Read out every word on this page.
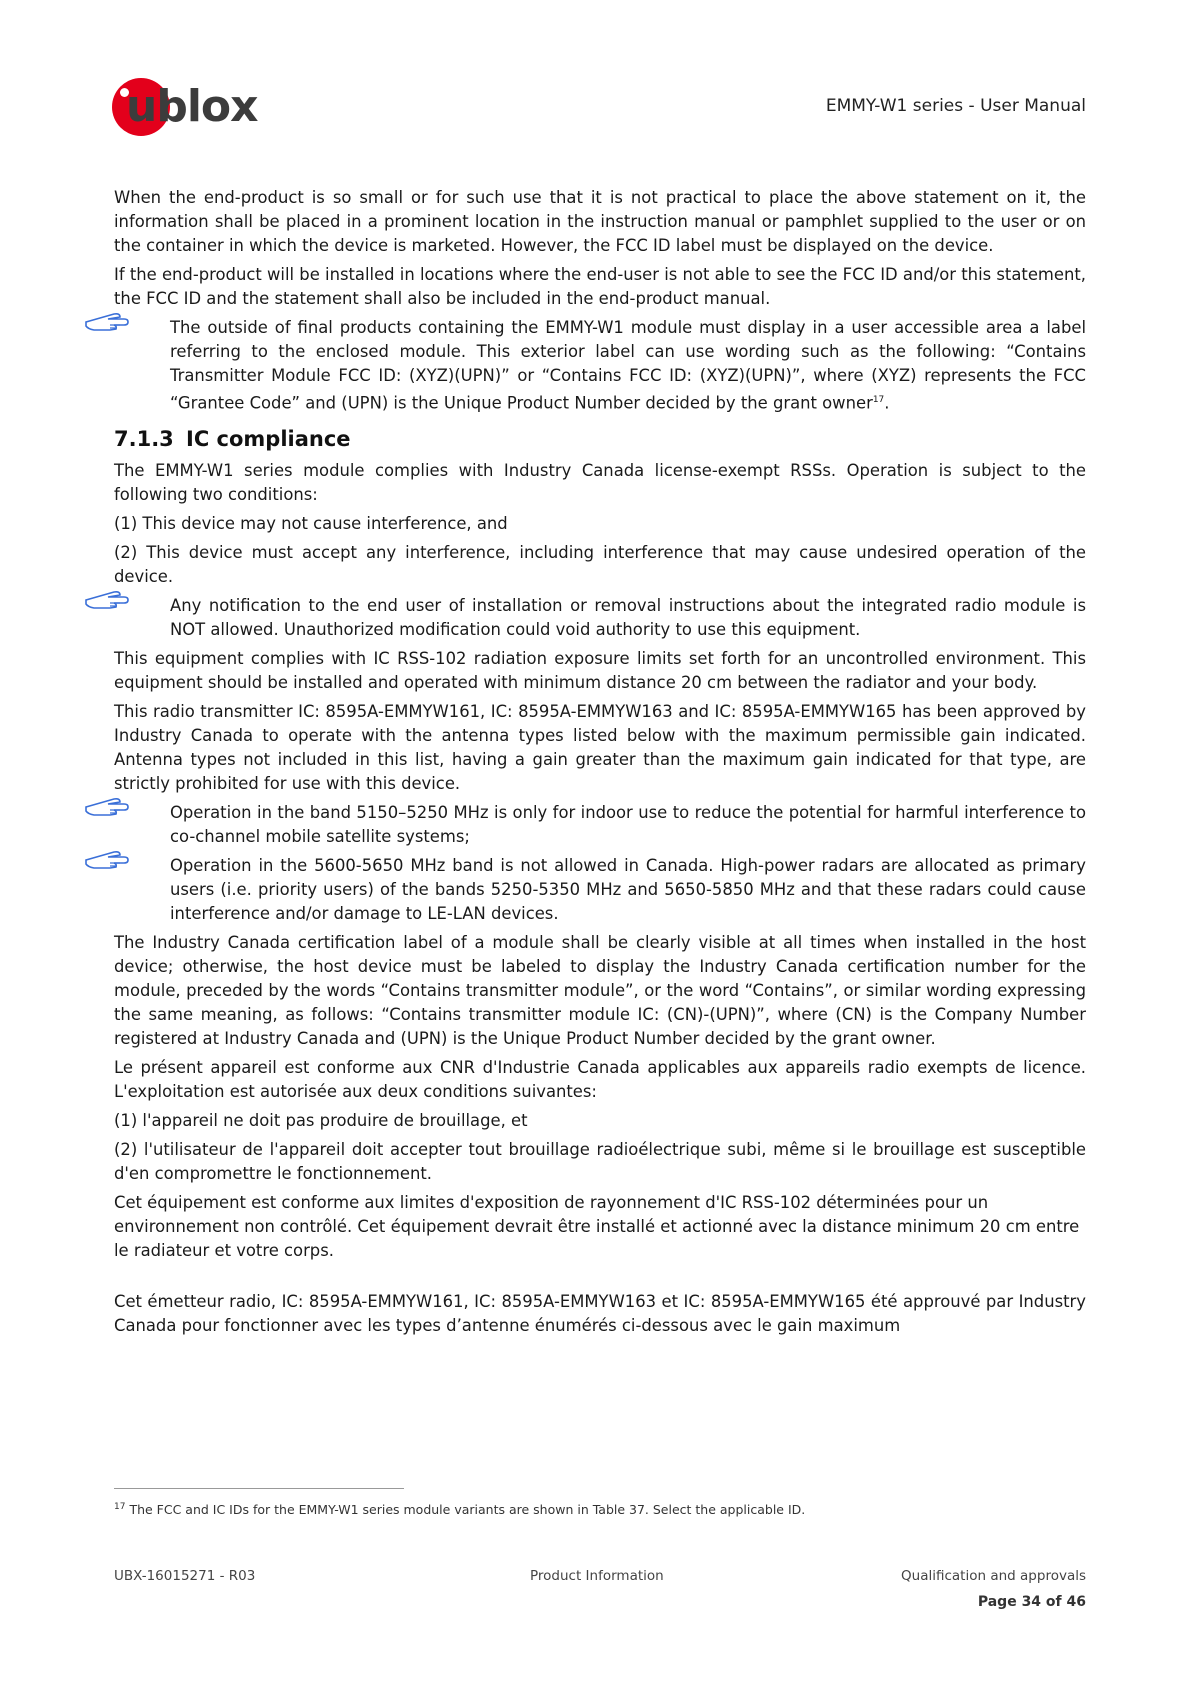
ublox	EMMY-W1 series - User Manual

When the end-product is so small or for such use that it is not practical to place the above statement on it, the information shall be placed in a prominent location in the instruction manual or pamphlet supplied to the user or on the container in which the device is marketed. However, the FCC ID label must be displayed on the device.

If the end-product will be installed in locations where the end-user is not able to see the FCC ID and/or this statement, the FCC ID and the statement shall also be included in the end-product manual.

The outside of final products containing the EMMY-W1 module must display in a user accessible area a label referring to the enclosed module. This exterior label can use wording such as the following: “Contains Transmitter Module FCC ID: (XYZ)(UPN)” or “Contains FCC ID: (XYZ)(UPN)”, where (XYZ) represents the FCC “Grantee Code” and (UPN) is the Unique Product Number decided by the grant owner$^{17}$.
7.1.3 IC compliance

The EMMY-W1 series module complies with Industry Canada license-exempt RSSs. Operation is subject to the following two conditions:

(1) This device may not cause interference, and

(2) This device must accept any interference, including interference that may cause undesired operation of the device.

Any notification to the end user of installation or removal instructions about the integrated radio module is NOT allowed. Unauthorized modification could void authority to use this equipment.

This equipment complies with IC RSS-102 radiation exposure limits set forth for an uncontrolled environment. This equipment should be installed and operated with minimum distance 20 cm between the radiator and your body.

This radio transmitter IC: 8595A-EMMYW161, IC: 8595A-EMMYW163 and IC: 8595A-EMMYW165 has been approved by Industry Canada to operate with the antenna types listed below with the maximum permissible gain indicated. Antenna types not included in this list, having a gain greater than the maximum gain indicated for that type, are strictly prohibited for use with this device.

Operation in the band 5150–5250 MHz is only for indoor use to reduce the potential for harmful interference to co-channel mobile satellite systems;
Operation in the 5600-5650 MHz band is not allowed in Canada. High-power radars are allocated as primary users (i.e. priority users) of the bands 5250-5350 MHz and 5650-5850 MHz and that these radars could cause interference and/or damage to LE-LAN devices.

The Industry Canada certification label of a module shall be clearly visible at all times when installed in the host device; otherwise, the host device must be labeled to display the Industry Canada certification number for the module, preceded by the words “Contains transmitter module”, or the word “Contains”, or similar wording expressing the same meaning, as follows: “Contains transmitter module IC: (CN)-(UPN)”, where (CN) is the Company Number registered at Industry Canada and (UPN) is the Unique Product Number decided by the grant owner.

Le présent appareil est conforme aux CNR d'Industrie Canada applicables aux appareils radio exempts de licence. L'exploitation est autorisée aux deux conditions suivantes:

(1) l'appareil ne doit pas produire de brouillage, et

(2) l'utilisateur de l'appareil doit accepter tout brouillage radioélectrique subi, même si le brouillage est susceptible d'en compromettre le fonctionnement.

Cet équipement est conforme aux limites d'exposition de rayonnement d'IC RSS-102 déterminées pour un environnement non contrôlé. Cet équipement devrait être installé et actionné avec la distance minimum 20 cm entre le radiateur et votre corps.

Cet émetteur radio, IC: 8595A-EMMYW161, IC: 8595A-EMMYW163 et IC: 8595A-EMMYW165 été approuvé par Industry Canada pour fonctionner avec les types d’antenne énumérés ci-dessous avec le gain maximum

$^{17}$ The FCC and IC IDs for the EMMY-W1 series module variants are shown in Table 37. Select the applicable ID.
UBX-16015271 - R03	Product Information	Qualification and approvals
Page 34 of 46
